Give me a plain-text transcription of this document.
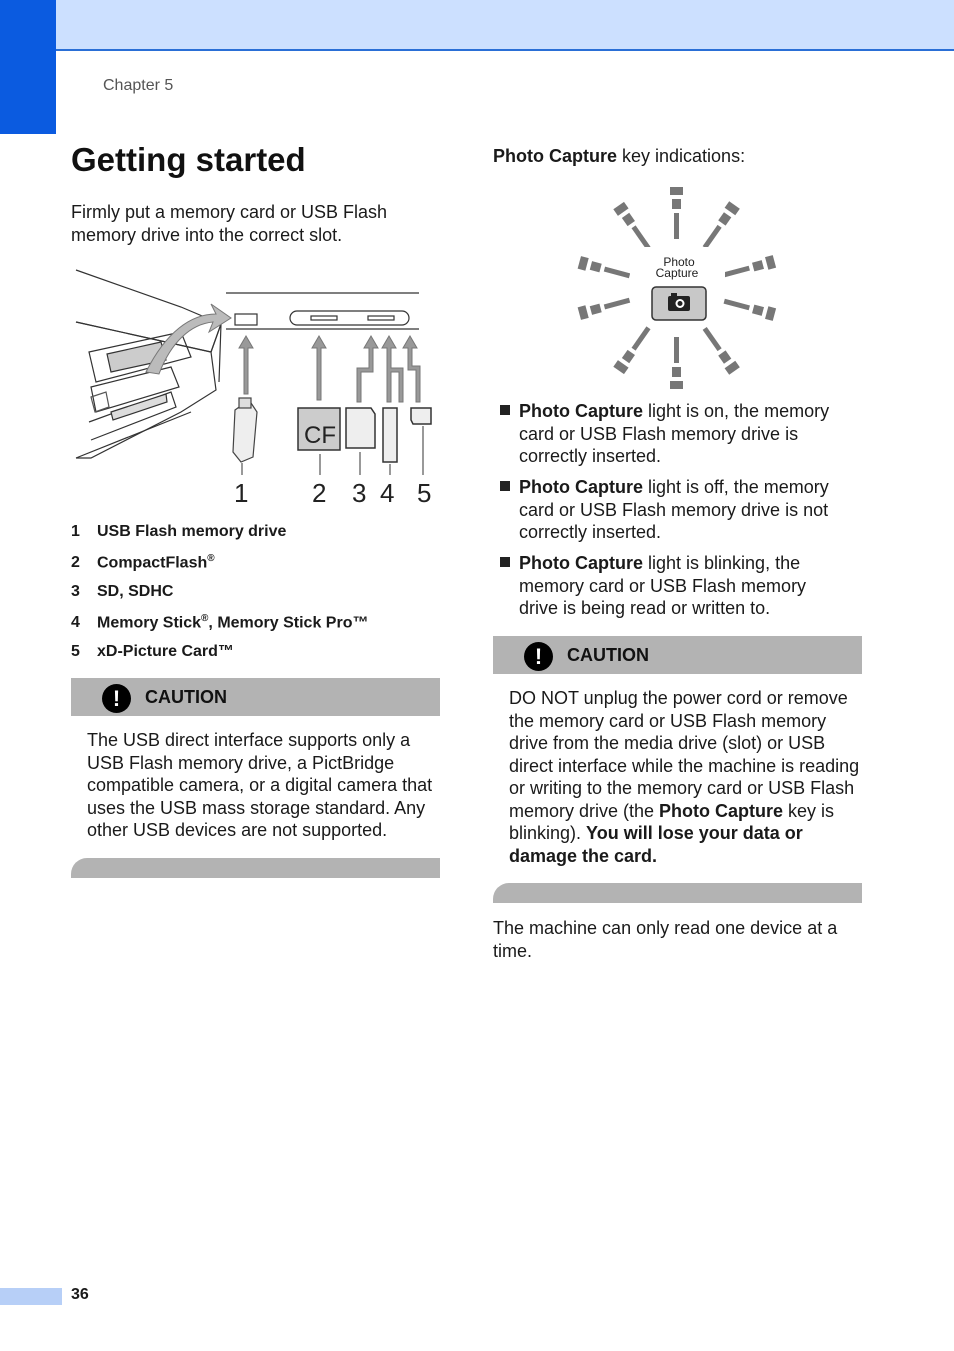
Chapter 5
Getting started

Firmly put a memory card or USB Flash memory drive into the correct slot.

CF
1 2 3 4 5
1 USB Flash memory drive
2 CompactFlash®
3 SD, SDHC
4 Memory Stick®, Memory Stick Pro™
5 xD-Picture Card™
!	CAUTION
The USB direct interface supports only a USB Flash memory drive, a PictBridge compatible camera, or a digital camera that uses the USB mass storage standard. Any other USB devices are not supported.
Photo Capture key indications:
Photo
Capture
Photo Capture light is on, the memory card or USB Flash memory drive is correctly inserted.
Photo Capture light is off, the memory card or USB Flash memory drive is not correctly inserted.
Photo Capture light is blinking, the memory card or USB Flash memory drive is being read or written to.
!	CAUTION
DO NOT unplug the power cord or remove the memory card or USB Flash memory drive from the media drive (slot) or USB direct interface while the machine is reading or writing to the memory card or USB Flash memory drive (the Photo Capture key is blinking). You will lose your data or damage the card.
The machine can only read one device at a time.
36
